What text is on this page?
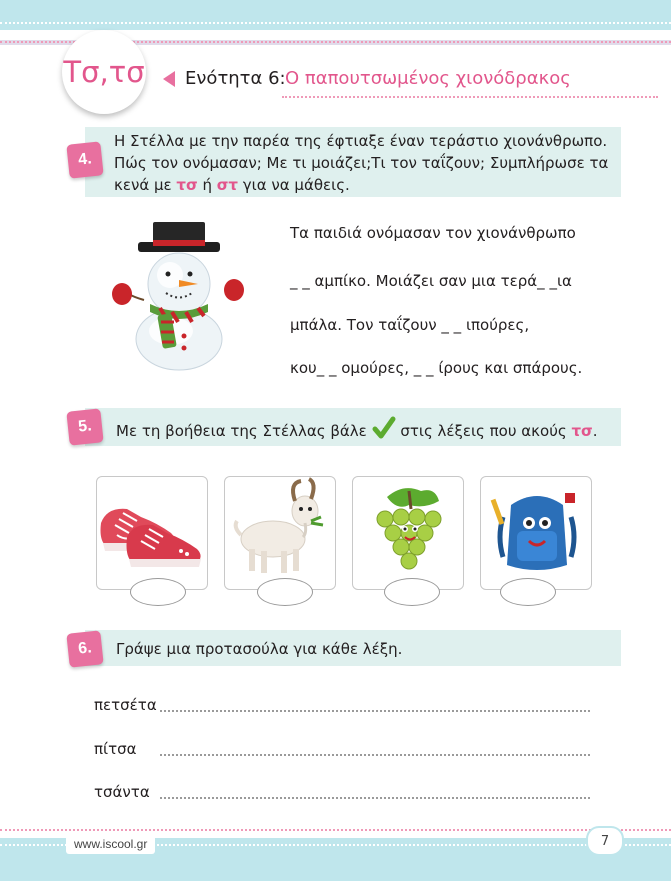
Τσ,τσ Ενότητα 6: Ο παπουτσωμένος χιονόδρακος
4.
Η Στέλλα με την παρέα της έφτιαξε έναν τεράστιο χιονάνθρωπο.
Πώς τον ονόμασαν; Με τι μοιάζει;Τι τον ταΐζουν; Συμπλήρωσε τα
κενά με τσ ή στ για να μάθεις.
Τα παιδιά ονόμασαν τον χιονάνθρωπο
_ _ αμπίκο. Μοιάζει σαν μια τερά_ _ια
μπάλα. Τον ταΐζουν _ _ ιπούρες,
κου_ _ ομούρες, _ _ ίρους και σπάρους.
5.	Με τη βοήθεια της Στέλλας βάλε στις λέξεις που ακούς τσ.
6.	Γράψε μια προτασούλα για κάθε λέξη.
πετσέτα
πίτσα
τσάντα
www.iscool.gr	7
